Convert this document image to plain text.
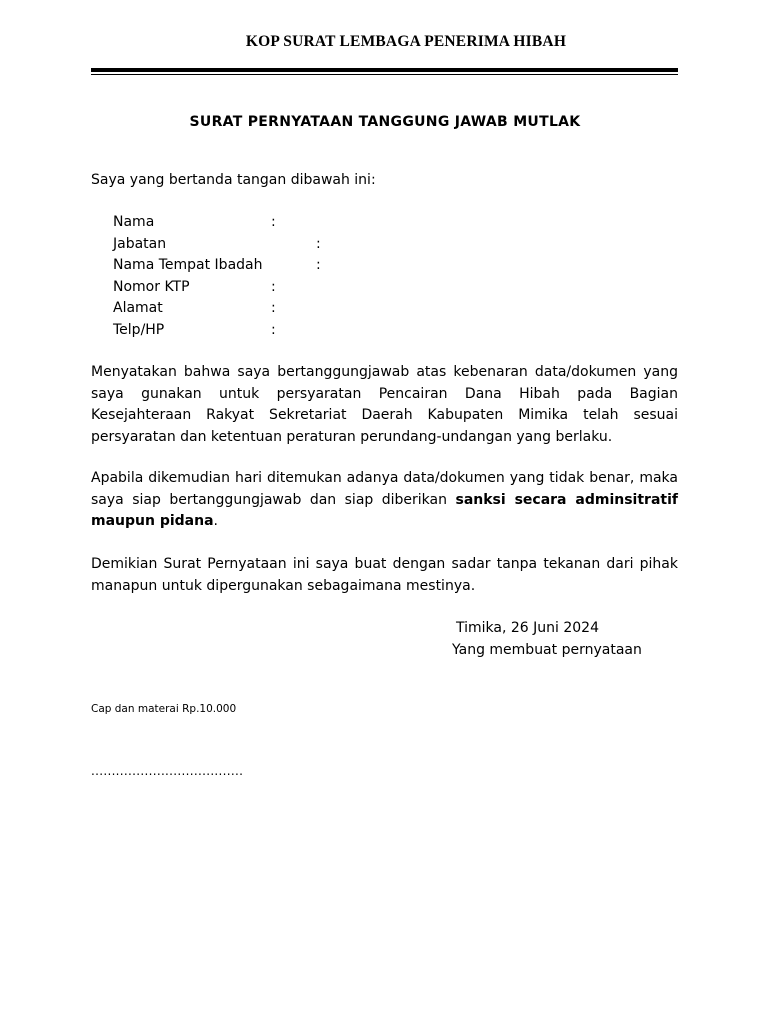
KOP SURAT LEMBAGA PENERIMA HIBAH
SURAT PERNYATAAN TANGGUNG JAWAB MUTLAK
Saya yang bertanda tangan dibawah ini:
Nama	:
Jabatan	:
Nama Tempat Ibadah	:
Nomor KTP	:
Alamat	:
Telp/HP	:
Menyatakan bahwa saya bertanggungjawab atas kebenaran data/dokumen yang saya gunakan untuk persyaratan Pencairan Dana Hibah pada Bagian Kesejahteraan Rakyat Sekretariat Daerah Kabupaten Mimika telah sesuai persyaratan dan ketentuan peraturan perundang-undangan yang berlaku.
Apabila dikemudian hari ditemukan adanya data/dokumen yang tidak benar, maka saya siap bertanggungjawab dan siap diberikan sanksi secara adminsitratif maupun pidana.
Demikian Surat Pernyataan ini saya buat dengan sadar tanpa tekanan dari pihak manapun untuk dipergunakan sebagaimana mestinya.
Timika, 26 Juni 2024
Yang membuat pernyataan
Cap dan materai Rp.10.000
.....................................
